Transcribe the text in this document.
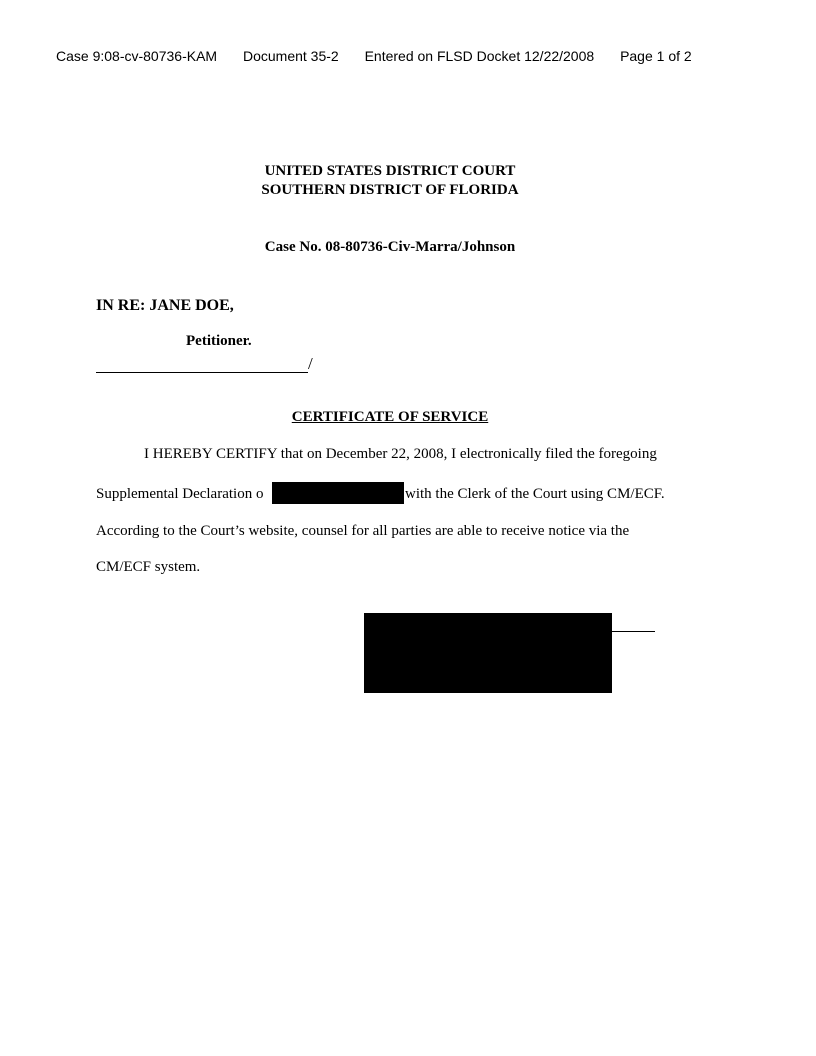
Case 9:08-cv-80736-KAM Document 35-2 Entered on FLSD Docket 12/22/2008 Page 1 of 2
UNITED STATES DISTRICT COURT
SOUTHERN DISTRICT OF FLORIDA
Case No. 08-80736-Civ-Marra/Johnson
IN RE: JANE DOE,
Petitioner.
/
CERTIFICATE OF SERVICE
I HEREBY CERTIFY that on December 22, 2008, I electronically filed the foregoing
Supplemental Declaration o	with the Clerk of the Court using CM/ECF.
According to the Court’s website, counsel for all parties are able to receive notice via the
CM/ECF system.
